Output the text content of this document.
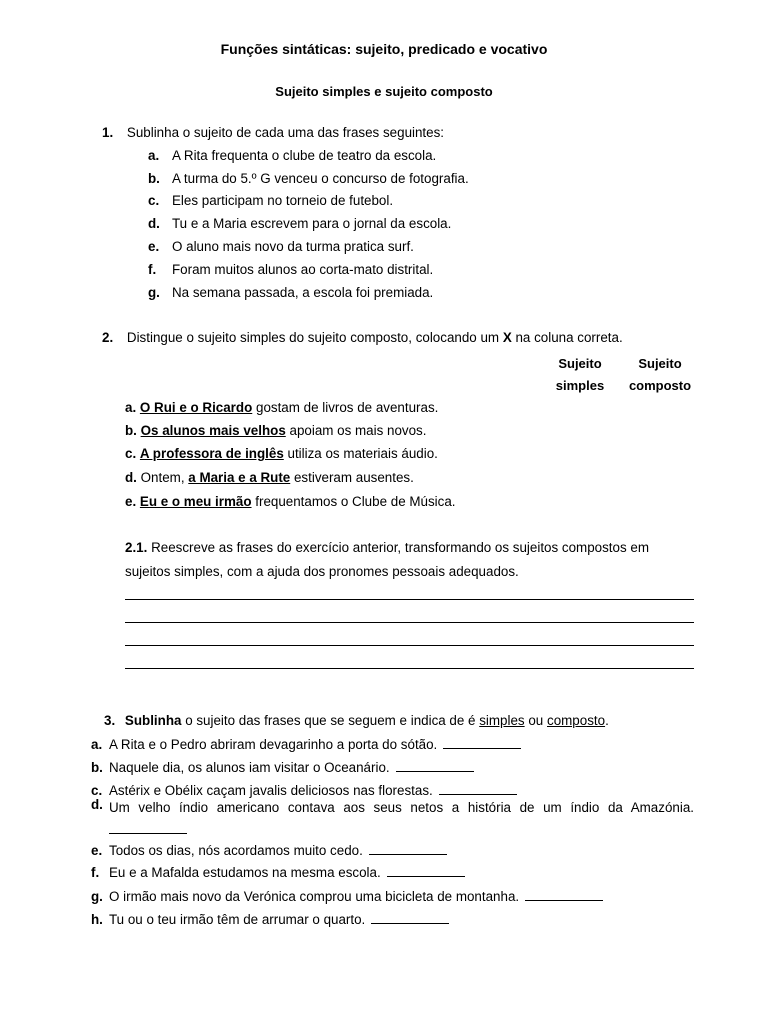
Funções sintáticas: sujeito, predicado e vocativo
Sujeito simples e sujeito composto
1. Sublinha o sujeito de cada uma das frases seguintes:
a. A Rita frequenta o clube de teatro da escola.
b. A turma do 5.º G venceu o concurso de fotografia.
c. Eles participam no torneio de futebol.
d. Tu e a Maria escrevem para o jornal da escola.
e. O aluno mais novo da turma pratica surf.
f. Foram muitos alunos ao corta-mato distrital.
g. Na semana passada, a escola foi premiada.
2. Distingue o sujeito simples do sujeito composto, colocando um X na coluna correta.
Sujeito
simples
Sujeito
composto
a. O Rui e o Ricardo gostam de livros de aventuras.
b. Os alunos mais velhos apoiam os mais novos.
c. A professora de inglês utiliza os materiais áudio.
d. Ontem, a Maria e a Rute estiveram ausentes.
e. Eu e o meu irmão frequentamos o Clube de Música.
2.1. Reescreve as frases do exercício anterior, transformando os sujeitos compostos em
sujeitos simples, com a ajuda dos pronomes pessoais adequados.
3. Sublinha o sujeito das frases que se seguem e indica de é simples ou composto.
a. A Rita e o Pedro abriram devagarinho a porta do sótão.
b. Naquele dia, os alunos iam visitar o Oceanário.
c. Astérix e Obélix caçam javalis deliciosos nas florestas.
d. Um velho índio americano contava aos seus netos a história de um índio da Amazónia.
e. Todos os dias, nós acordamos muito cedo.
f. Eu e a Mafalda estudamos na mesma escola.
g. O irmão mais novo da Verónica comprou uma bicicleta de montanha.
h. Tu ou o teu irmão têm de arrumar o quarto.
